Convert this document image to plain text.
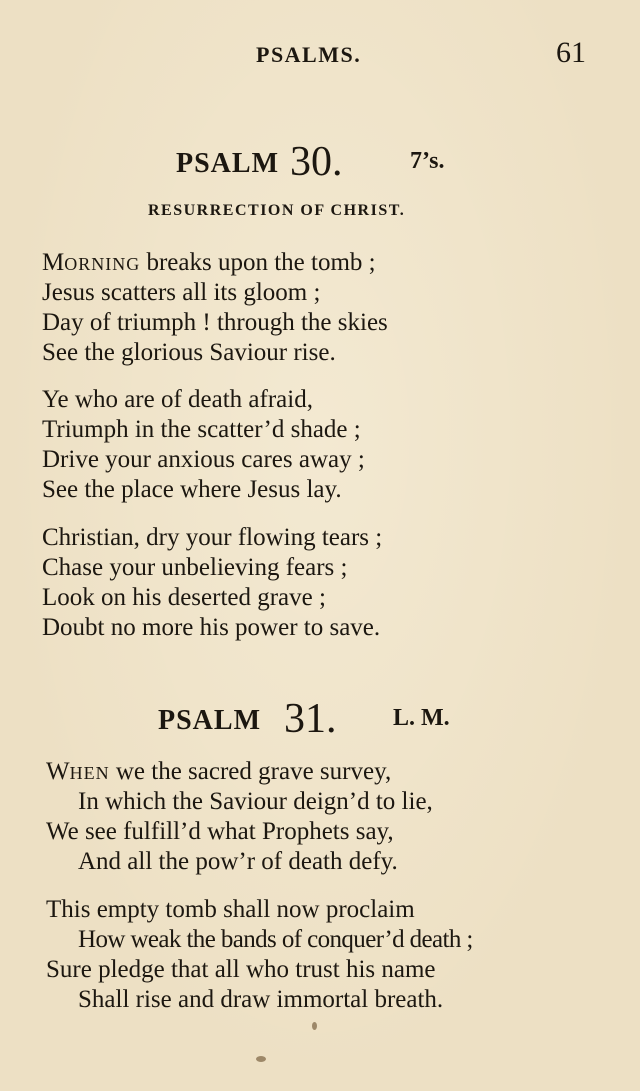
PSALMS.	61
PSALM 30.	7’s.
RESURRECTION OF CHRIST.
MORNING breaks upon the tomb ;
Jesus scatters all its gloom ;
Day of triumph ! through the skies
See the glorious Saviour rise.
Ye who are of death afraid,
Triumph in the scatter’d shade ;
Drive your anxious cares away ;
See the place where Jesus lay.
Christian, dry your flowing tears ;
Chase your unbelieving fears ;
Look on his deserted grave ;
Doubt no more his power to save.
PSALM 31. L. M.
WHEN we the sacred grave survey,
In which the Saviour deign’d to lie,
We see fulfill’d what Prophets say,
And all the pow’r of death defy.
This empty tomb shall now proclaim
How weak the bands of conquer’d death ;
Sure pledge that all who trust his name
Shall rise and draw immortal breath.
